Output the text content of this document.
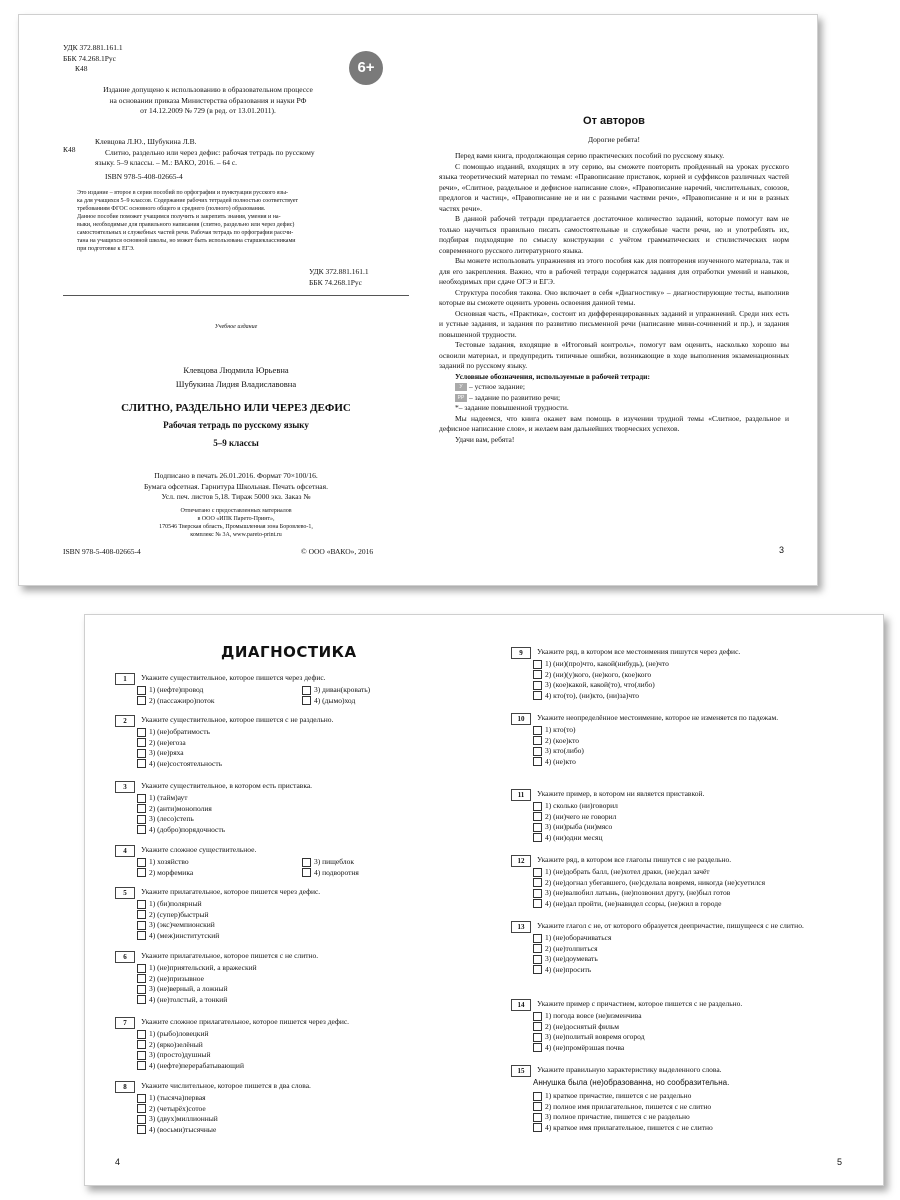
УДК 372.881.161.1
ББК 74.268.1Рус
К48	6+
Издание допущено к использованию в образовательном процессе
на основании приказа Министерства образования и науки РФ
от 14.12.2009 № 729 (в ред. от 13.01.2011).
К48
Клевцова Л.Ю., Шубукина Л.В.
Слитно, раздельно или через дефис: рабочая тетрадь по русскому
языку. 5–9 классы. – М.: ВАКО, 2016. – 64 с.
ISBN 978-5-408-02665-4
Это издание – второе в серии пособий по орфографии и пунктуации русского язы-
ка для учащихся 5–9 классов. Содержание рабочих тетрадей полностью соответствует
требованиям ФГОС основного общего и среднего (полного) образования.
Данное пособие поможет учащимся получить и закрепить знания, умения и на-
выки, необходимые для правильного написания (слитно, раздельно или через дефис)
самостоятельных и служебных частей речи. Рабочая тетрадь по орфографии рассчи-
тана на учащихся основной школы, но может быть использована старшеклассниками
при подготовке к ЕГЭ.
УДК 372.881.161.1
ББК 74.268.1Рус
Учебное издание
Клевцова Людмила Юрьевна
Шубукина Лидия Владиславовна
СЛИТНО, РАЗДЕЛЬНО ИЛИ ЧЕРЕЗ ДЕФИС
Рабочая тетрадь по русскому языку
5–9 классы
Подписано в печать 26.01.2016. Формат 70×100/16.
Бумага офсетная. Гарнитура Школьная. Печать офсетная.
Усл. печ. листов 5,18. Тираж 5000 экз. Заказ №
Отпечатано с предоставленных материалов
в ООО «ИПК Парето-Принт»,
170546 Тверская область, Промышленная зона Боровлево-1,
комплекс № 3А, www.pareto-print.ru
ISBN 978-5-408-02665-4	© ООО «ВАКО», 2016
От авторов
Дорогие ребята!

Перед вами книга, продолжающая серию практических пособий по русскому языку.

С помощью изданий, входящих в эту серию, вы сможете повторить пройденный на уроках русского языка теоретический материал по темам: «Правописание приставок, корней и суффиксов различных частей речи», «Слитное, раздельное и дефисное написание слов», «Правописание наречий, числительных, союзов, предлогов и частиц», «Правописание не и ни с разными частями речи», «Правописание н и нн в разных частях речи».

В данной рабочей тетради предлагается достаточное количество заданий, которые помогут вам не только научиться правильно писать самостоятельные и служебные части речи, но и употреблять их, подбирая подходящие по смыслу конструкции с учётом грамматических и стилистических норм современного русского литературного языка.

Вы можете использовать упражнения из этого пособия как для повторения изученного материала, так и для его закрепления. Важно, что в рабочей тетради содержатся задания для отработки умений и навыков, необходимых при сдаче ОГЭ и ЕГЭ.

Структура пособия такова. Оно включает в себя «Диагностику» – диагностирующие тесты, выполнив которые вы сможете оценить уровень освоения данной темы.

Основная часть, «Практика», состоит из дифференцированных заданий и упражнений. Среди них есть и устные задания, и задания по развитию письменной речи (написание мини-сочинений и пр.), и задания повышенной трудности.

Тестовые задания, входящие в «Итоговый контроль», помогут вам оценить, насколько хорошо вы освоили материал, и предупредить типичные ошибки, возникающие в ходе выполнения экзаменационных заданий по русскому языку.

Условные обозначения, используемые в рабочей тетради:

У – устное задание;
РР – задание по развитию речи;
*– задание повышенной трудности.

Мы надеемся, что книга окажет вам помощь в изучении трудной темы «Слитное, раздельное и дефисное написание слов», и желаем вам дальнейших творческих успехов.

Удачи вам, ребята!

3
ДИАГНОСТИКА
1	Укажите существительное, которое пишется через дефис.
1) (нефте)провод	3) диван(кровать)
2) (пассажиро)поток	4) (дымо)ход
2	Укажите существительное, которое пишется с не раздельно.
1) (не)обратимость
2) (не)егоза
3) (не)ряха
4) (не)состоятельность
3	Укажите существительное, в котором есть приставка.
1) (тайм)аут
2) (анти)монополия
3) (лесо)степь
4) (добро)порядочность
4	Укажите сложное существительное.
1) хозяйство	3) пищеблок
2) морфемика	4) подворотня
5	Укажите прилагательное, которое пишется через дефис.
1) (би)полярный
2) (супер)быстрый
3) (экс)чемпионский
4) (меж)институтский
6	Укажите прилагательное, которое пишется с не слитно.
1) (не)приятельский, а вражеский
2) (не)призывное
3) (не)верный, а ложный
4) (не)толстый, а тонкий
7	Укажите сложное прилагательное, которое пишется через дефис.
1) (рыбо)ловецкий
2) (ярко)зелёный
3) (просто)душный
4) (нефте)перерабатывающий
8	Укажите числительное, которое пишется в два слова.
1) (тысяча)первая
2) (четырёх)сотое
3) (двух)миллионный
4) (восьми)тысячные
9	Укажите ряд, в котором все местоимения пишутся через дефис.
1) (ни)(про)что, какой(нибудь), (не)что
2) (ни)(у)кого, (не)кого, (кое)кого
3) (кое)какой, какой(то), что(либо)
4) кто(то), (ни)кто, (ни)за)что
10	Укажите неопределённое местоимение, которое не изменяется по падежам.
1) кто(то)
2) (кое)кто
3) кто(либо)
4) (не)кто
11	Укажите пример, в котором ни является приставкой.
1) сколько (ни)говорил
2) (ни)чего не говорил
3) (ни)рыба (ни)мясо
4) (ни)одни месяц
12	Укажите ряд, в котором все глаголы пишутся с не раздельно.
1) (не)добрать балл, (не)хотел драки, (не)сдал зачёт
2) (не)догнал убегавшего, (не)сделала вовремя, никогда (не)суетился
3) (не)валюбил латынь, (не)позвонил другу, (не)был готов
4) (не)дал пройти, (не)навидел ссоры, (не)жил в городе
13	Укажите глагол с не, от которого образуется деепричастие, пишущееся с не слитно.
1) (не)оборачиваться
2) (не)толпиться
3) (не)доумевать
4) (не)просить
14	Укажите пример с причастием, которое пишется с не раздельно.
1) погода вовсе (не)изменчива
2) (не)доснятый фильм
3) (не)политый вовремя огород
4) (не)промёрзшая почва
15	Укажите правильную характеристику выделенного слова.
Аннушка была (не)образованна, но сообразительна.
1) краткое причастие, пишется с не раздельно
2) полное имя прилагательное, пишется с не слитно
3) полное причастие, пишется с не раздельно
4) краткое имя прилагательное, пишется с не слитно
4	5
